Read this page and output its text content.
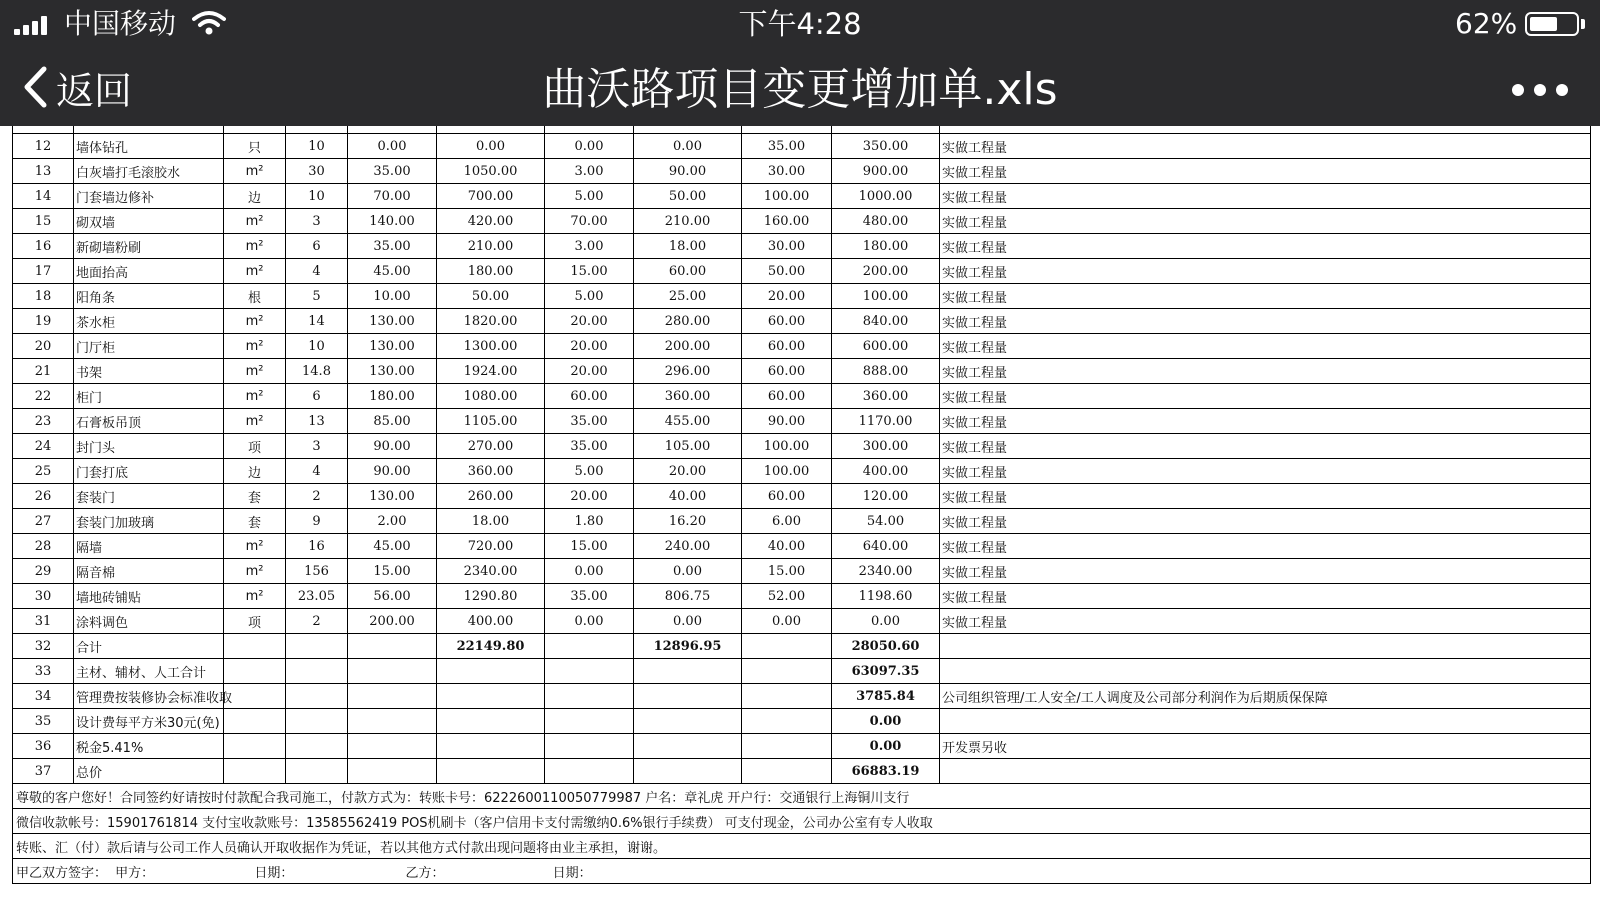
中国移动	下午4:28	62%
返回	曲沃路项目变更增加单.xls

12	墙体钻孔	只	10	0.00	0.00	0.00	0.00	35.00	350.00	实做工程量
13	白灰墙打毛滚胶水	m²	30	35.00	1050.00	3.00	90.00	30.00	900.00	实做工程量
14	门套墙边修补	边	10	70.00	700.00	5.00	50.00	100.00	1000.00	实做工程量
15	砌双墙	m²	3	140.00	420.00	70.00	210.00	160.00	480.00	实做工程量
16	新砌墙粉刷	m²	6	35.00	210.00	3.00	18.00	30.00	180.00	实做工程量
17	地面抬高	m²	4	45.00	180.00	15.00	60.00	50.00	200.00	实做工程量
18	阳角条	根	5	10.00	50.00	5.00	25.00	20.00	100.00	实做工程量
19	茶水柜	m²	14	130.00	1820.00	20.00	280.00	60.00	840.00	实做工程量
20	门厅柜	m²	10	130.00	1300.00	20.00	200.00	60.00	600.00	实做工程量
21	书架	m²	14.8	130.00	1924.00	20.00	296.00	60.00	888.00	实做工程量
22	柜门	m²	6	180.00	1080.00	60.00	360.00	60.00	360.00	实做工程量
23	石膏板吊顶	m²	13	85.00	1105.00	35.00	455.00	90.00	1170.00	实做工程量
24	封门头	项	3	90.00	270.00	35.00	105.00	100.00	300.00	实做工程量
25	门套打底	边	4	90.00	360.00	5.00	20.00	100.00	400.00	实做工程量
26	套装门	套	2	130.00	260.00	20.00	40.00	60.00	120.00	实做工程量
27	套装门加玻璃	套	9	2.00	18.00	1.80	16.20	6.00	54.00	实做工程量
28	隔墙	m²	16	45.00	720.00	15.00	240.00	40.00	640.00	实做工程量
29	隔音棉	m²	156	15.00	2340.00	0.00	0.00	15.00	2340.00	实做工程量
30	墙地砖铺贴	m²	23.05	56.00	1290.80	35.00	806.75	52.00	1198.60	实做工程量
31	涂料调色	项	2	200.00	400.00	0.00	0.00	0.00	0.00	实做工程量
32	合计				22149.80		12896.95		28050.60	
33	主材、辅材、人工合计								63097.35	
34	管理费按装修协会标准收取								3785.84	公司组织管理/工人安全/工人调度及公司部分利润作为后期质保保障
35	设计费每平方米30元(免)								0.00	
36	税金5.41%								0.00	开发票另收
37	总价								66883.19	
尊敬的客户您好！合同签约好请按时付款配合我司施工，付款方式为：转账卡号：6222600110050779987 户名：章礼虎 开户行：交通银行上海铜川支行										
微信收款帐号：15901761814 支付宝收款账号：13585562419 POS机刷卡（客户信用卡支付需缴纳0.6%银行手续费） 可支付现金，公司办公室有专人收取										
转账、汇（付）款后请与公司工作人员确认开取收据作为凭证，若以其他方式付款出现问题将由业主承担，谢谢。										
甲乙双方签字： 甲方： 日期： 乙方： 日期：										
